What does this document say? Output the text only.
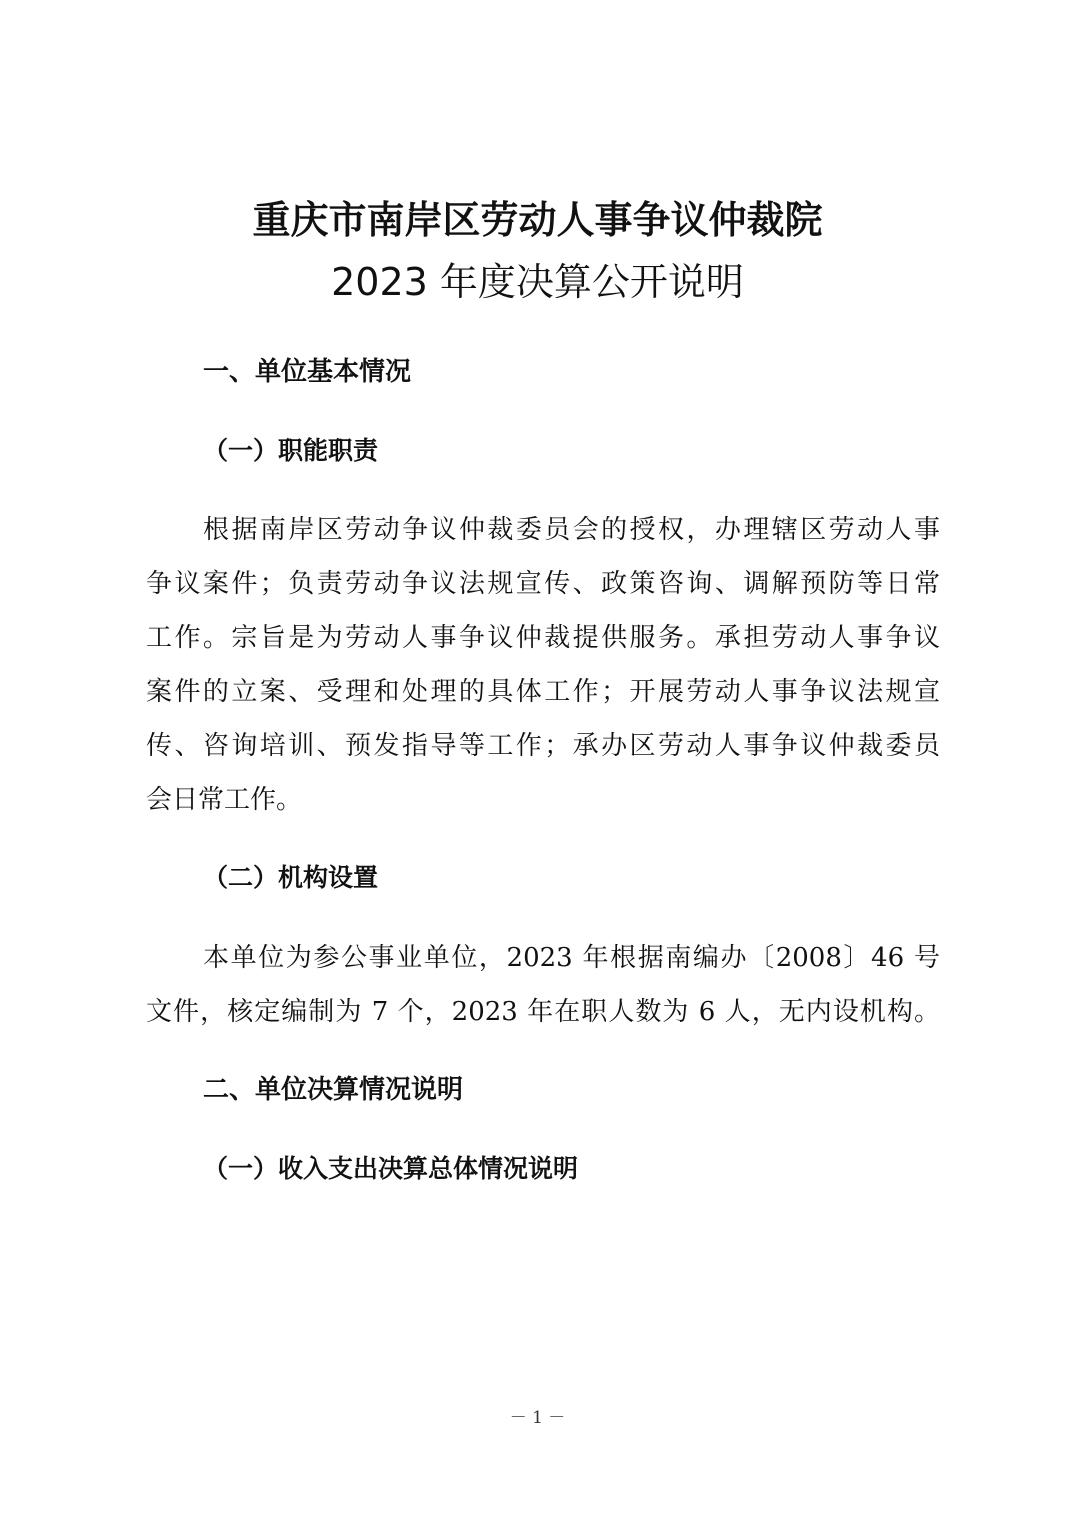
重庆市南岸区劳动人事争议仲裁院
2023 年度决算公开说明
一、单位基本情况
（一）职能职责
根据南岸区劳动争议仲裁委员会的授权，办理辖区劳动人事
争议案件；负责劳动争议法规宣传、政策咨询、调解预防等日常
工作。宗旨是为劳动人事争议仲裁提供服务。承担劳动人事争议
案件的立案、受理和处理的具体工作；开展劳动人事争议法规宣
传、咨询培训、预发指导等工作；承办区劳动人事争议仲裁委员
会日常工作。
（二）机构设置
本单位为参公事业单位，2023 年根据南编办〔2008〕46 号
文件，核定编制为 7 个，2023 年在职人数为 6 人，无内设机构。
二、单位决算情况说明
（一）收入支出决算总体情况说明
－ 1 －
